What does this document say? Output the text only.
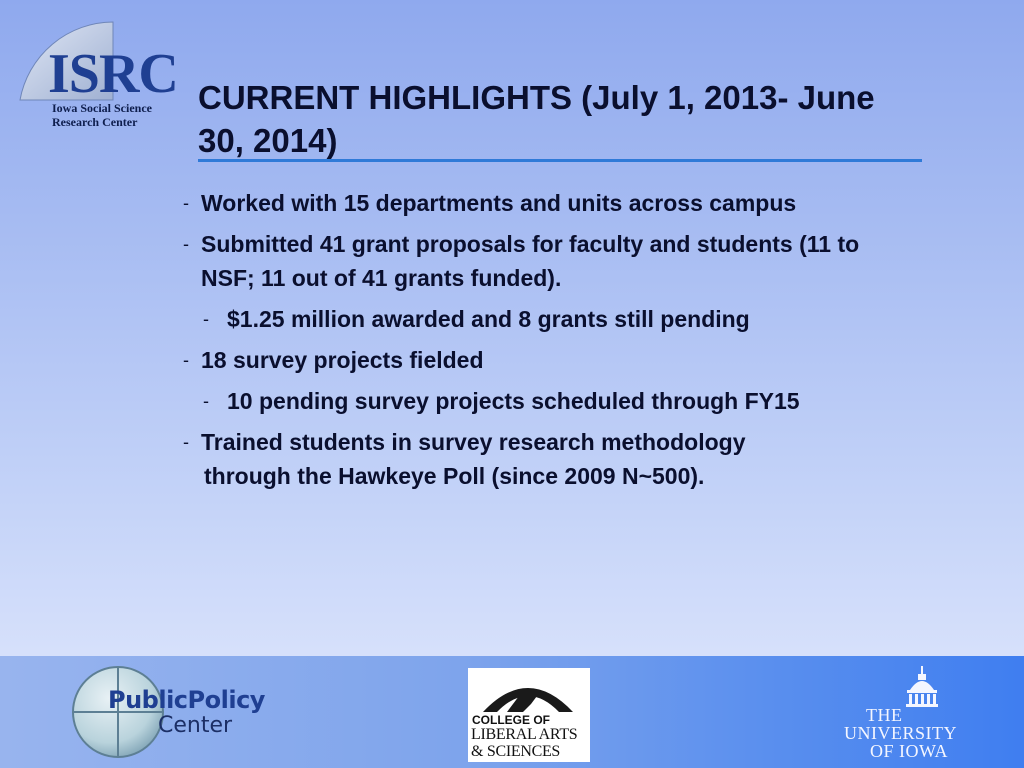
ISRC
Iowa Social Science
Research Center
CURRENT HIGHLIGHTS (July 1, 2013- June 30, 2014)
- Worked with 15 departments and units across campus
- Submitted 41 grant proposals for faculty and students (11 to NSF; 11 out of 41 grants funded).
- $1.25 million awarded and 8 grants still pending
- 18 survey projects fielded
- 10 pending survey projects scheduled through FY15
- Trained students in survey research methodology
through the Hawkeye Poll (since 2009 N~500).
PublicPolicy
Center	COLLEGE OF
LIBERAL ARTS
& SCIENCES
THE
UNIVERSITY
OF IOWA
